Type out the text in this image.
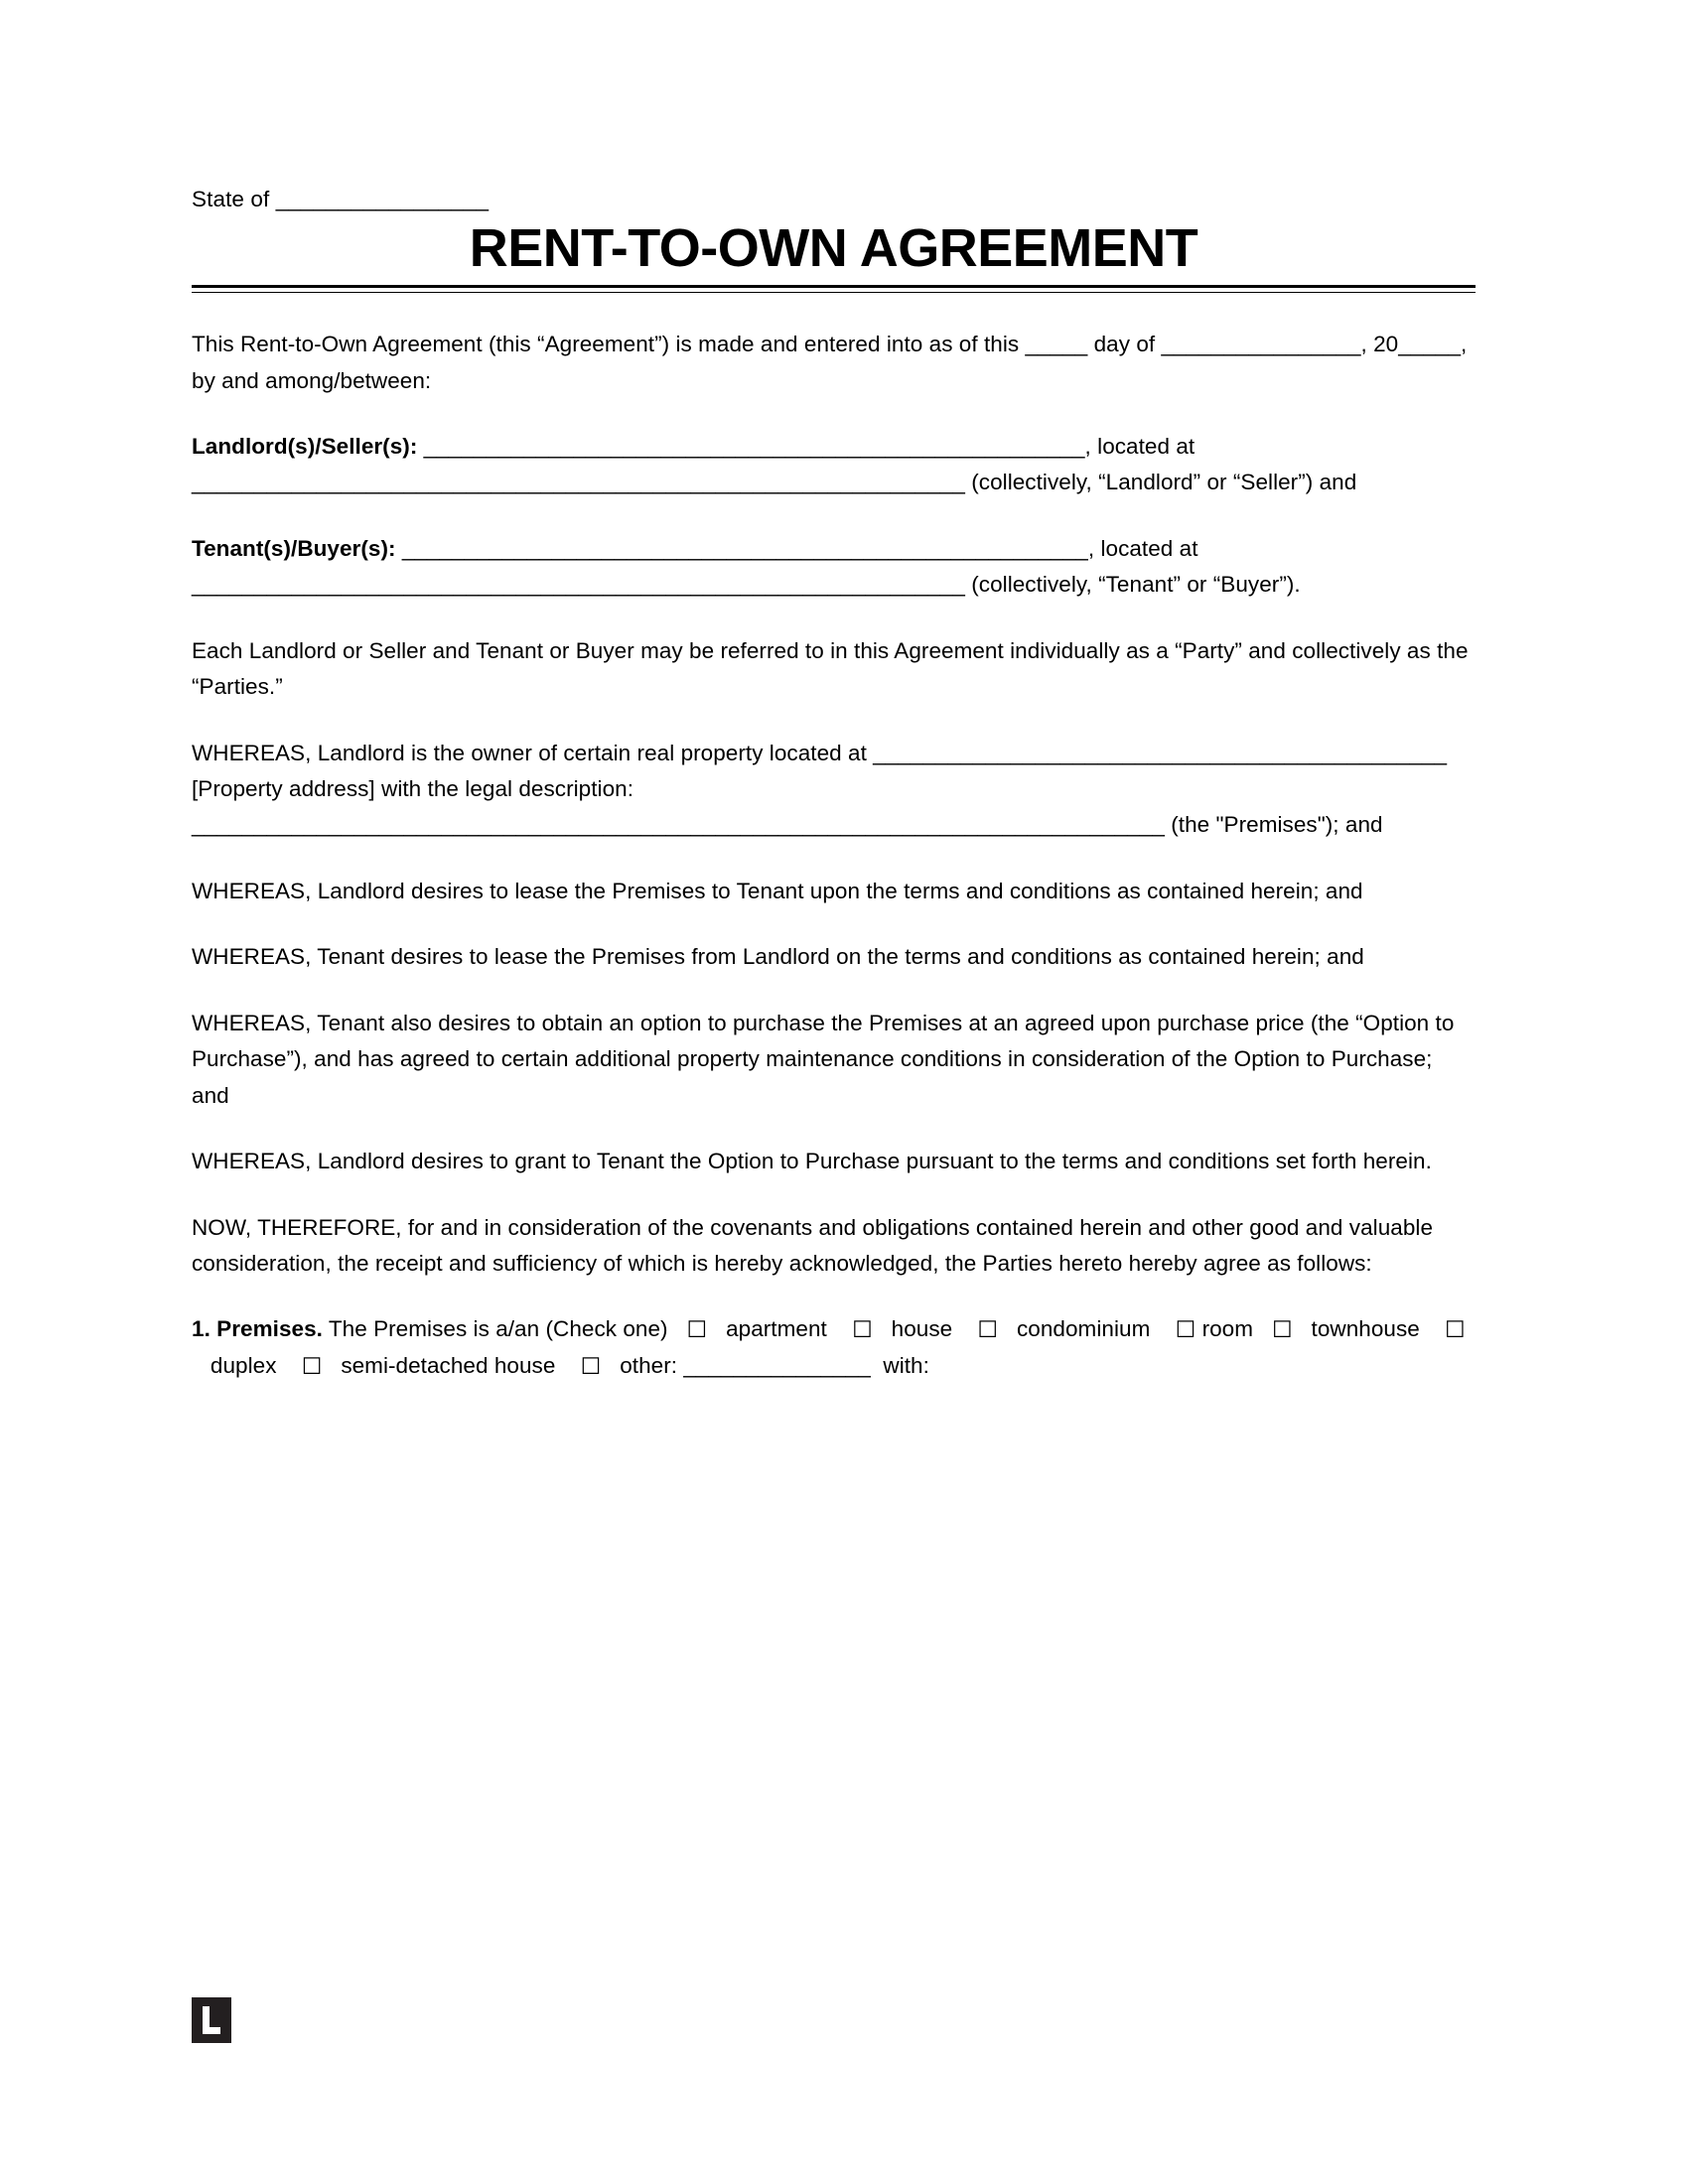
State of _________________
RENT-TO-OWN AGREEMENT

This Rent-to-Own Agreement (this “Agreement”) is made and entered into as of this _____ day of ________________, 20_____, by and among/between:

Landlord(s)/Seller(s): _____________________________________________________, located at ______________________________________________________________ (collectively, “Landlord” or “Seller”) and

Tenant(s)/Buyer(s): _______________________________________________________, located at ______________________________________________________________ (collectively, “Tenant” or “Buyer”).

Each Landlord or Seller and Tenant or Buyer may be referred to in this Agreement individually as a “Party” and collectively as the “Parties.”

WHEREAS, Landlord is the owner of certain real property located at ______________________________________________ [Property address] with the legal description: ______________________________________________________________________________ (the "Premises"); and

WHEREAS, Landlord desires to lease the Premises to Tenant upon the terms and conditions as contained herein; and

WHEREAS, Tenant desires to lease the Premises from Landlord on the terms and conditions as contained herein; and

WHEREAS, Tenant also desires to obtain an option to purchase the Premises at an agreed upon purchase price (the “Option to Purchase”), and has agreed to certain additional property maintenance conditions in consideration of the Option to Purchase; and

WHEREAS, Landlord desires to grant to Tenant the Option to Purchase pursuant to the terms and conditions set forth herein.

NOW, THEREFORE, for and in consideration of the covenants and obligations contained herein and other good and valuable consideration, the receipt and sufficiency of which is hereby acknowledged, the Parties hereto hereby agree as follows:

1. Premises. The Premises is a/an (Check one) ☐ apartment ☐ house ☐ condominium ☐ room ☐ townhouse ☐   duplex ☐ semi-detached house ☐ other: _______________ with:
